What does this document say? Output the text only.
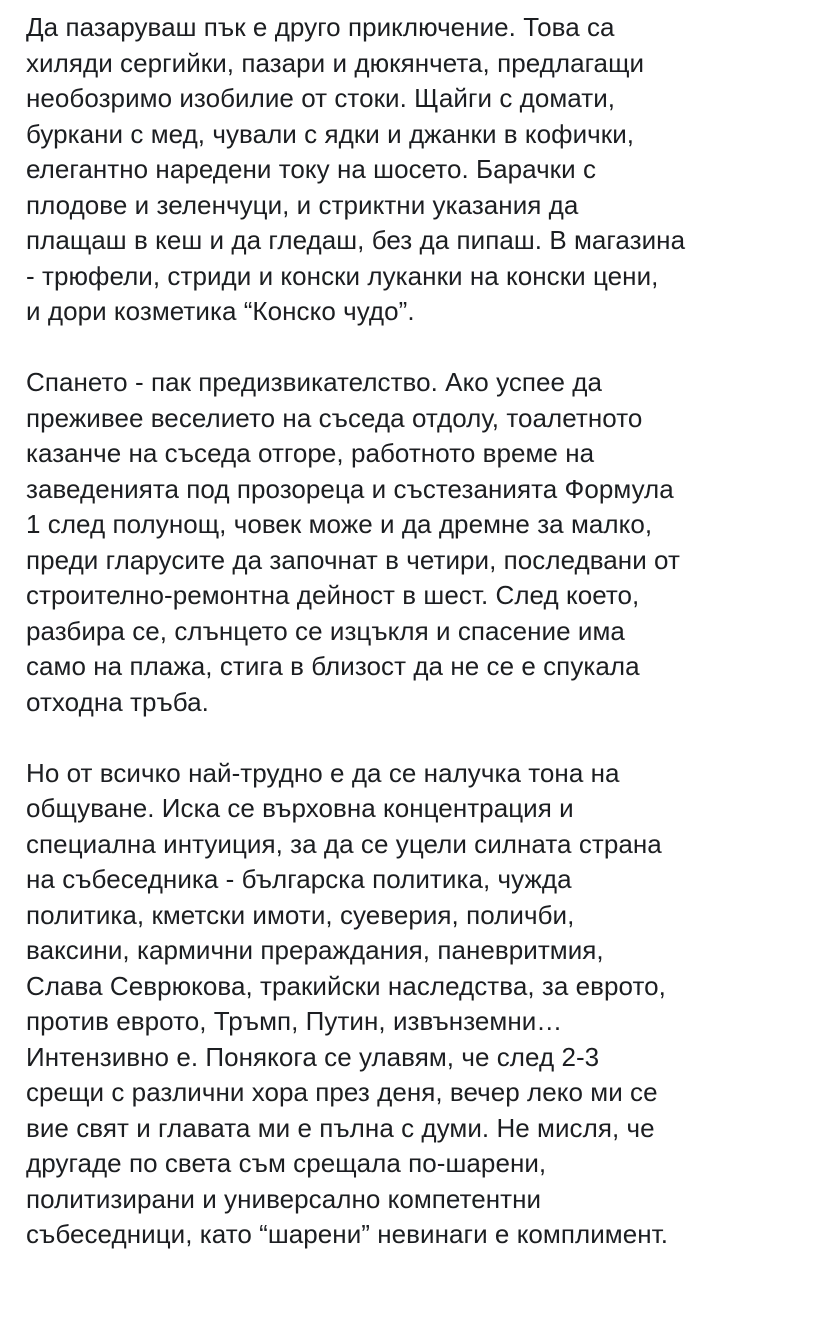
Да пазаруваш пък е друго приключение. Това са
хиляди сергийки, пазари и дюкянчета, предлагащи
необозримо изобилие от стоки. Щайги с домати,
буркани с мед, чували с ядки и джанки в кофички,
елегантно наредени току на шосето. Барачки с
плодове и зеленчуци, и стриктни указания да
плащаш в кеш и да гледаш, без да пипаш. В магазина
- трюфели, стриди и конски луканки на конски цени,
и дори козметика “Конско чудо”.
Спането - пак предизвикателство. Ако успее да
преживее веселието на съседа отдолу, тоалетното
казанче на съседа отгоре, работното време на
заведенията под прозореца и състезанията Формула
1 след полунощ, човек може и да дремне за малко,
преди гларусите да започнат в четири, последвани от
строително-ремонтна дейност в шест. След което,
разбира се, слънцето се изцъкля и спасение има
само на плажа, стига в близост да не се е спукала
отходна тръба.
Но от всичко най-трудно е да се налучка тона на
общуване. Иска се върховна концентрация и
специална интуиция, за да се уцели силната страна
на събеседника - българска политика, чужда
политика, кметски имоти, суеверия, поличби,
ваксини, кармични прераждания, паневритмия,
Слава Севрюкова, тракийски наследства, за еврото,
против еврото, Тръмп, Путин, извънземни…
Интензивно е. Понякога се улавям, че след 2-3
срещи с различни хора през деня, вечер леко ми се
вие свят и главата ми е пълна с думи. Не мисля, че
другаде по света съм срещала по-шарени,
политизирани и универсално компетентни
събеседници, като “шарени” невинаги е комплимент.
